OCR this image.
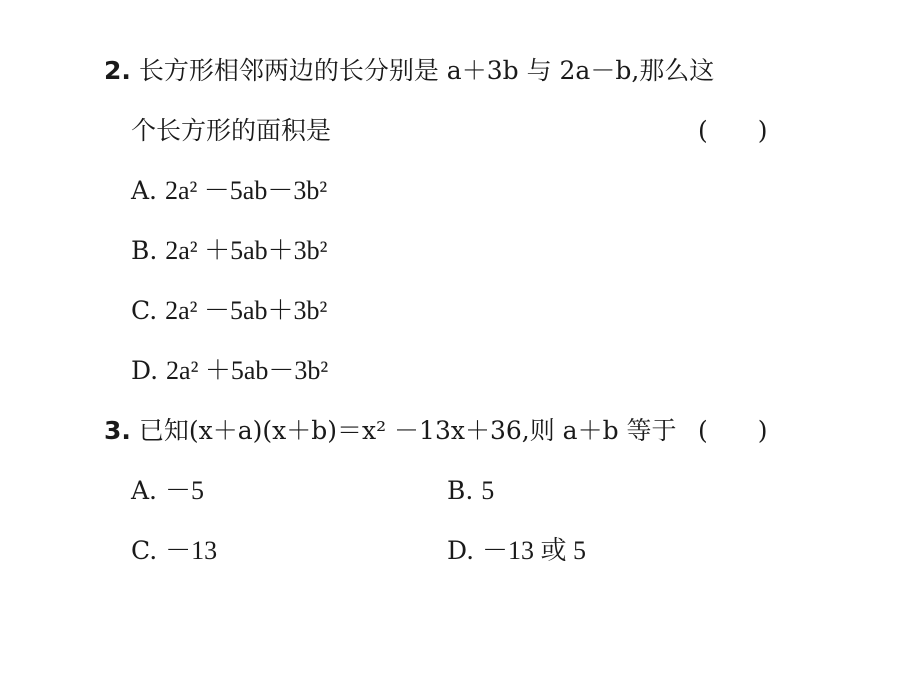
2. 长方形相邻两边的长分别是 a＋3b 与 2a－b,那么这
个长方形的面积是	(　　)
A. 2a² －5ab－3b²
B. 2a² ＋5ab＋3b²
C. 2a² －5ab＋3b²
D. 2a² ＋5ab－3b²
3. 已知(x＋a)(x＋b)＝x² －13x＋36,则 a＋b 等于 (　　)
A. －5	B. 5
C. －13	D. －13 或 5
